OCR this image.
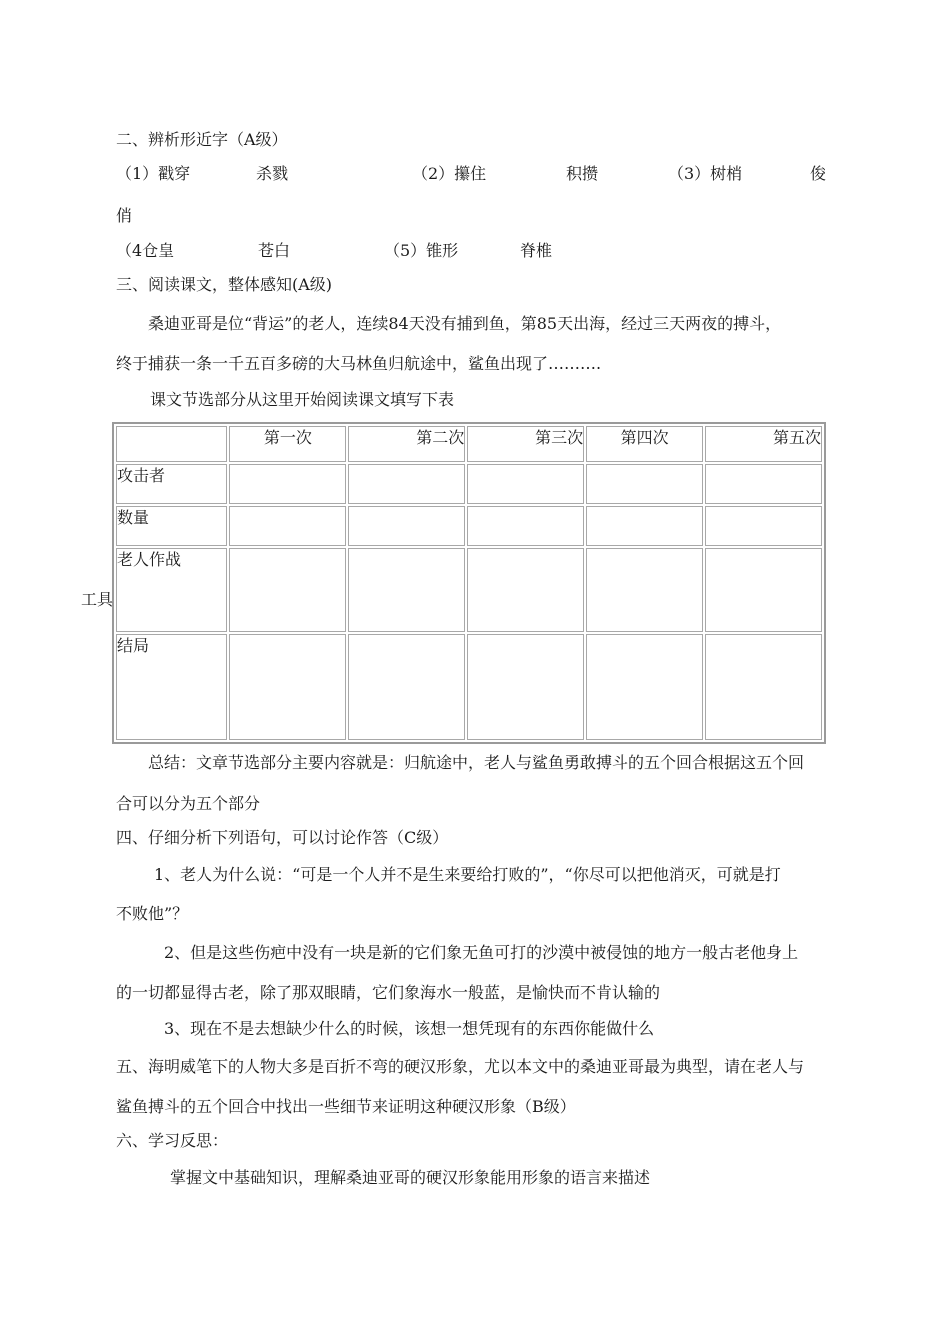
二、辨析形近字（A级）
（1）戳穿	杀戮	（2）攥住	积攒	（3）树梢	俊
俏
（4仓皇	苍白	（5）锥形	脊椎
三、阅读课文，整体感知(A级)
桑迪亚哥是位“背运”的老人，连续84天没有捕到鱼，第85天出海，经过三天两夜的搏斗，
终于捕获一条一千五百多磅的大马林鱼归航途中，鲨鱼出现了……….
课文节选部分从这里开始阅读课文填写下表
	第一次	第二次	第三次	第四次	第五次
攻击者					
数量					

老人作战
工具					

结局					
总结：文章节选部分主要内容就是：归航途中，老人与鲨鱼勇敢搏斗的五个回合根据这五个回
合可以分为五个部分
四、仔细分析下列语句，可以讨论作答（C级）
1、老人为什么说：“可是一个人并不是生来要给打败的”，“你尽可以把他消灭，可就是打
不败他”？
2、但是这些伤疤中没有一块是新的它们象无鱼可打的沙漠中被侵蚀的地方一般古老他身上
的一切都显得古老，除了那双眼睛，它们象海水一般蓝，是愉快而不肯认输的
3、现在不是去想缺少什么的时候，该想一想凭现有的东西你能做什么
五、海明威笔下的人物大多是百折不弯的硬汉形象，尤以本文中的桑迪亚哥最为典型，请在老人与
鲨鱼搏斗的五个回合中找出一些细节来证明这种硬汉形象（B级）
六、学习反思：
掌握文中基础知识，理解桑迪亚哥的硬汉形象能用形象的语言来描述
